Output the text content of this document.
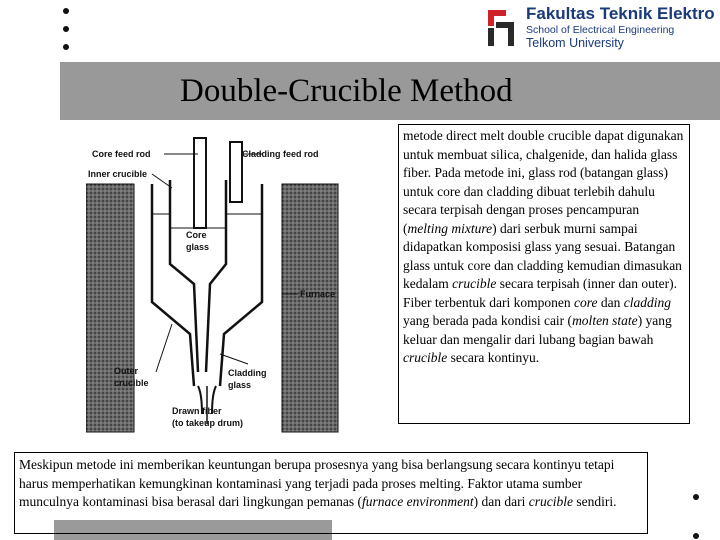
Fakultas Teknik Elektro
School of Electrical Engineering
Telkom University
Double-Crucible Method
Core feed rod	Cladding feed rod
Inner crucible
Core
glass
Furnace
Outer
crucible
Cladding
glass
Drawn fiber
(to takeup drum)
metode direct melt double crucible dapat digunakan untuk membuat silica, chalgenide, dan halida glass fiber. Pada metode ini, glass rod (batangan glass) untuk core dan cladding dibuat terlebih dahulu secara terpisah dengan proses pencampuran (melting mixture) dari serbuk murni sampai didapatkan komposisi glass yang sesuai. Batangan glass untuk core dan cladding kemudian dimasukan kedalam crucible secara terpisah (inner dan outer). Fiber terbentuk dari komponen core dan cladding yang berada pada kondisi cair (molten state) yang keluar dan mengalir dari lubang bagian bawah crucible secara kontinyu.
Meskipun metode ini memberikan keuntungan berupa prosesnya yang bisa berlangsung secara kontinyu tetapi harus memperhatikan kemungkinan kontaminasi yang terjadi pada proses melting. Faktor utama sumber munculnya kontaminasi bisa berasal dari lingkungan pemanas (furnace environment) dan dari crucible sendiri.
